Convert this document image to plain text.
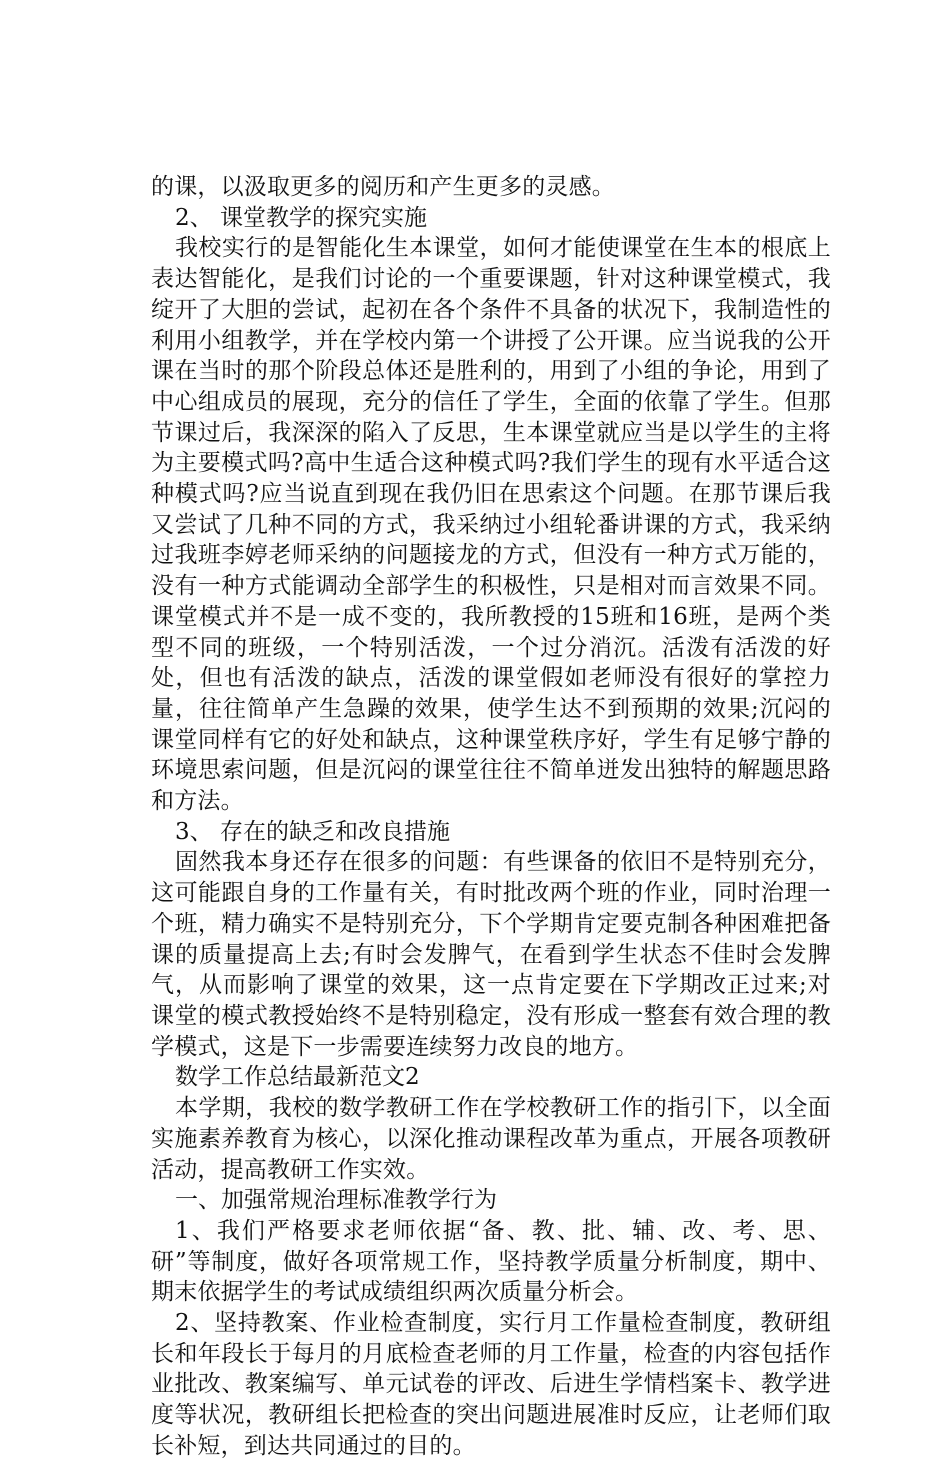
的课，以汲取更多的阅历和产生更多的灵感。

2、 课堂教学的探究实施

我校实行的是智能化生本课堂，如何才能使课堂在生本的根底上表达智能化，是我们讨论的一个重要课题，针对这种课堂模式，我绽开了大胆的尝试，起初在各个条件不具备的状况下，我制造性的利用小组教学，并在学校内第一个讲授了公开课。应当说我的公开课在当时的那个阶段总体还是胜利的，用到了小组的争论，用到了中心组成员的展现，充分的信任了学生，全面的依靠了学生。但那节课过后，我深深的陷入了反思，生本课堂就应当是以学生的主将为主要模式吗?高中生适合这种模式吗?我们学生的现有水平适合这种模式吗?应当说直到现在我仍旧在思索这个问题。在那节课后我又尝试了几种不同的方式，我采纳过小组轮番讲课的方式，我采纳过我班李婷老师采纳的问题接龙的方式，但没有一种方式万能的，没有一种方式能调动全部学生的积极性，只是相对而言效果不同。课堂模式并不是一成不变的，我所教授的15班和16班，是两个类型不同的班级，一个特别活泼，一个过分消沉。活泼有活泼的好处，但也有活泼的缺点，活泼的课堂假如老师没有很好的掌控力量，往往简单产生急躁的效果，使学生达不到预期的效果;沉闷的课堂同样有它的好处和缺点，这种课堂秩序好，学生有足够宁静的环境思索问题，但是沉闷的课堂往往不简单迸发出独特的解题思路和方法。

3、 存在的缺乏和改良措施

固然我本身还存在很多的问题：有些课备的依旧不是特别充分，这可能跟自身的工作量有关，有时批改两个班的作业，同时治理一个班，精力确实不是特别充分，下个学期肯定要克制各种困难把备课的质量提高上去;有时会发脾气，在看到学生状态不佳时会发脾气，从而影响了课堂的效果，这一点肯定要在下学期改正过来;对课堂的模式教授始终不是特别稳定，没有形成一整套有效合理的教学模式，这是下一步需要连续努力改良的地方。

数学工作总结最新范文2

本学期，我校的数学教研工作在学校教研工作的指引下，以全面实施素养教育为核心，以深化推动课程改革为重点，开展各项教研活动，提高教研工作实效。

一、加强常规治理标准教学行为

1、我们严格要求老师依据“备、教、批、辅、改、考、思、研”等制度，做好各项常规工作，坚持教学质量分析制度，期中、期末依据学生的考试成绩组织两次质量分析会。

2、坚持教案、作业检查制度，实行月工作量检查制度，教研组长和年段长于每月的月底检查老师的月工作量，检查的内容包括作业批改、教案编写、单元试卷的评改、后进生学情档案卡、教学进度等状况，教研组长把检查的突出问题进展准时反应，让老师们取长补短，到达共同通过的目的。
